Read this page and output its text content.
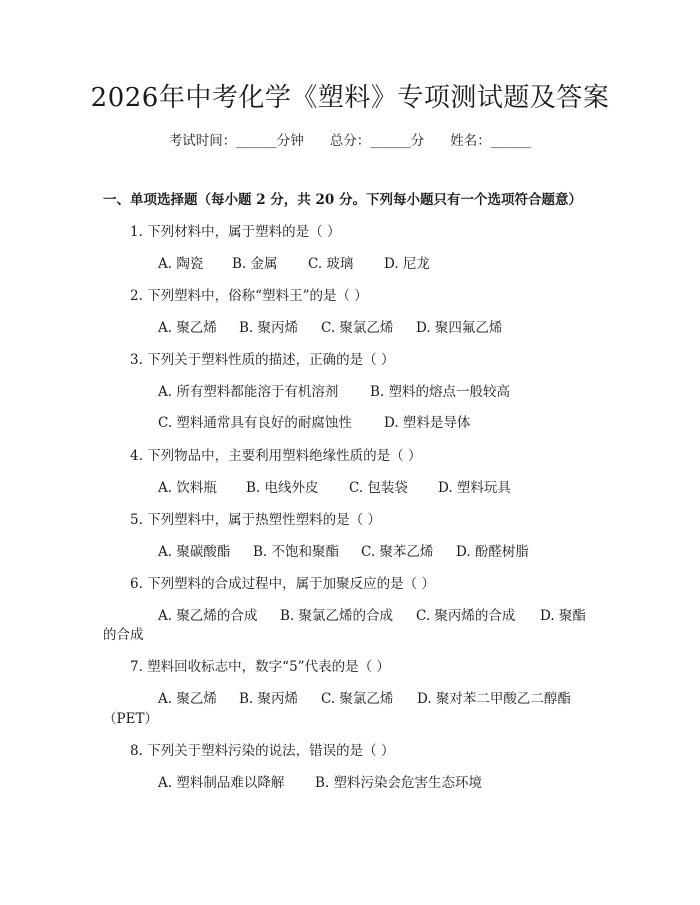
2026年中考化学《塑料》专项测试题及答案
考试时间：______分钟 总分：______分 姓名：______
一、单项选择题（每小题 2 分，共 20 分。下列每小题只有一个选项符合题意）
1. 下列材料中，属于塑料的是（ ）
A. 陶瓷 B. 金属 C. 玻璃 D. 尼龙
2. 下列塑料中，俗称“塑料王”的是（ ）
A. 聚乙烯 B. 聚丙烯 C. 聚氯乙烯 D. 聚四氟乙烯
3. 下列关于塑料性质的描述，正确的是（ ）
A. 所有塑料都能溶于有机溶剂 B. 塑料的熔点一般较高
C. 塑料通常具有良好的耐腐蚀性 D. 塑料是导体
4. 下列物品中，主要利用塑料绝缘性质的是（ ）
A. 饮料瓶 B. 电线外皮 C. 包装袋 D. 塑料玩具
5. 下列塑料中，属于热塑性塑料的是（ ）
A. 聚碳酸酯 B. 不饱和聚酯 C. 聚苯乙烯 D. 酚醛树脂
6. 下列塑料的合成过程中，属于加聚反应的是（ ）
A. 聚乙烯的合成 B. 聚氯乙烯的合成 C. 聚丙烯的合成 D. 聚酯
的合成
7. 塑料回收标志中，数字“5”代表的是（ ）
A. 聚乙烯 B. 聚丙烯 C. 聚氯乙烯 D. 聚对苯二甲酸乙二醇酯
（PET）
8. 下列关于塑料污染的说法，错误的是（ ）
A. 塑料制品难以降解 B. 塑料污染会危害生态环境
